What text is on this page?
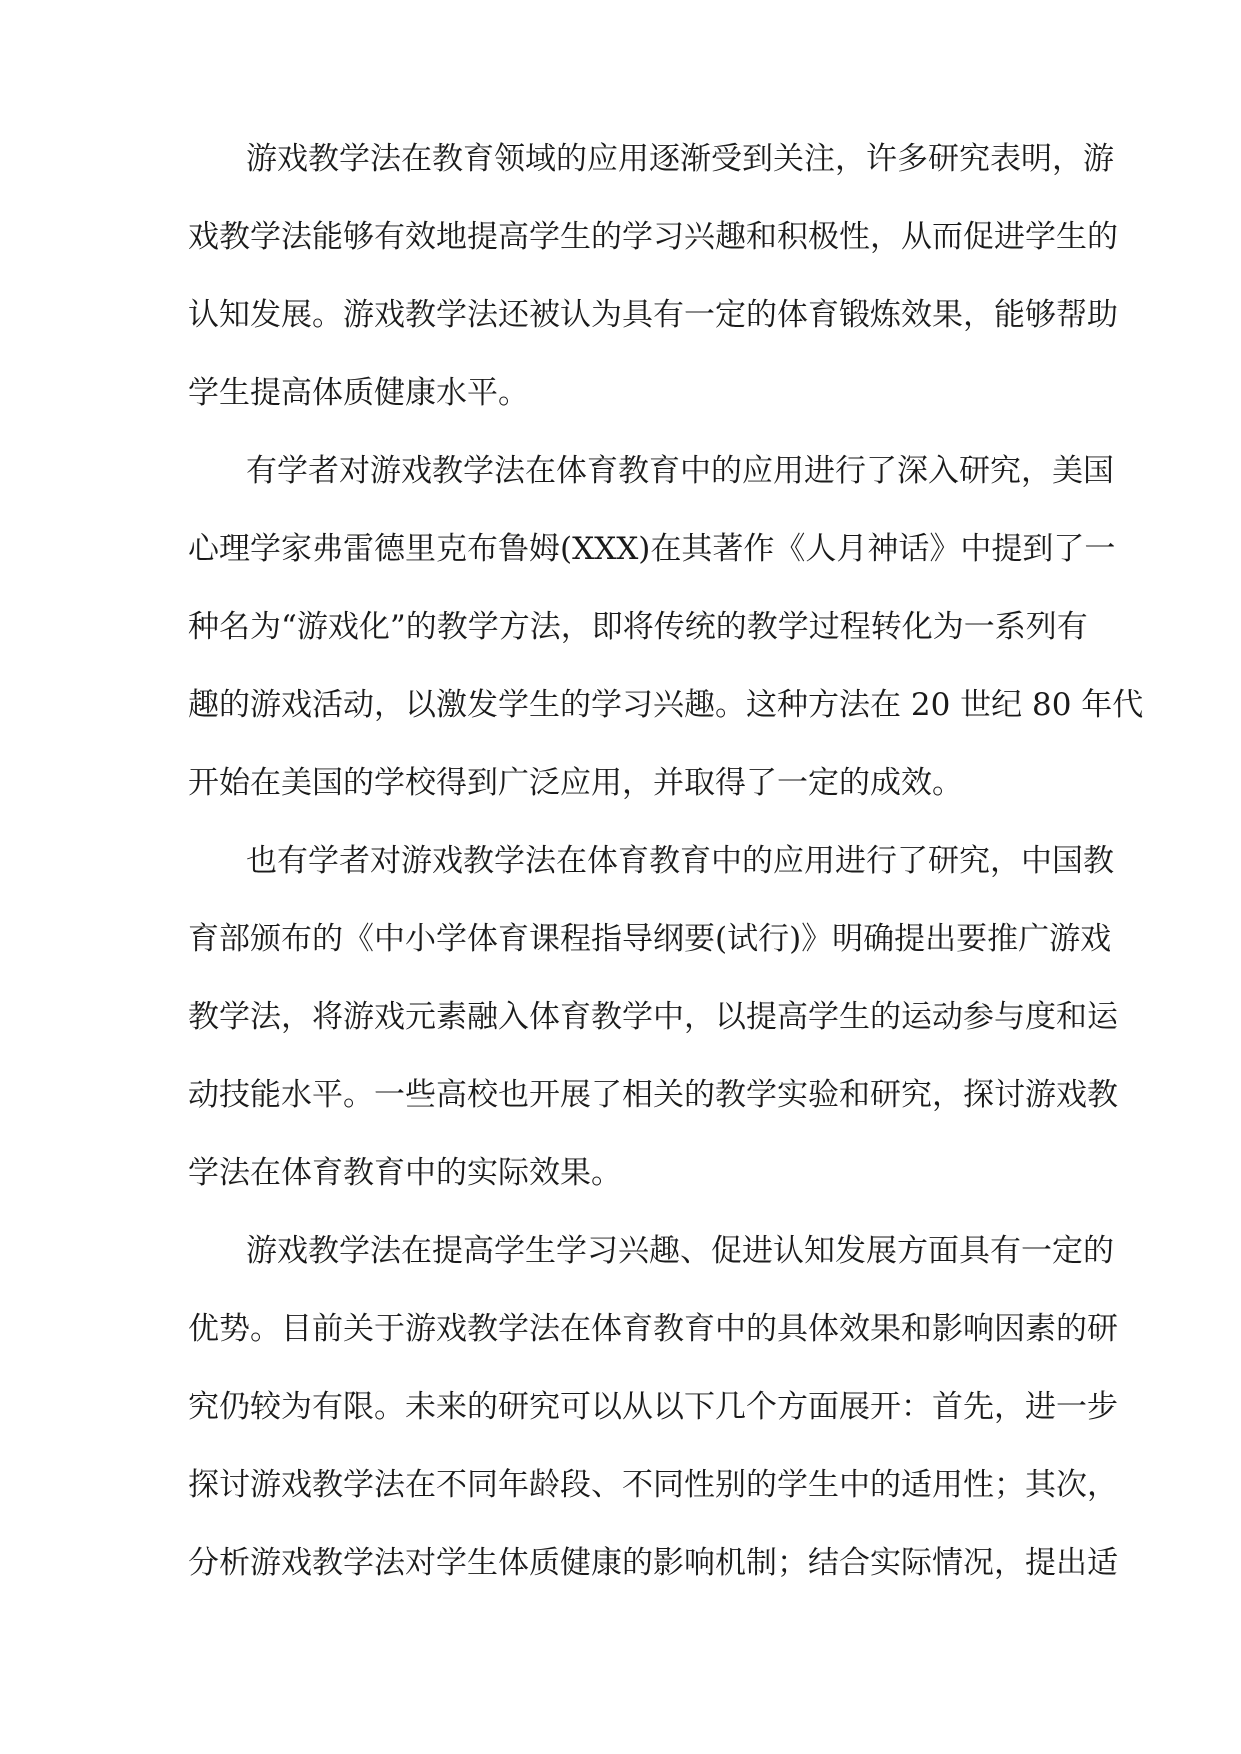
游戏教学法在教育领域的应用逐渐受到关注，许多研究表明，游
戏教学法能够有效地提高学生的学习兴趣和积极性，从而促进学生的
认知发展。游戏教学法还被认为具有一定的体育锻炼效果，能够帮助
学生提高体质健康水平。
有学者对游戏教学法在体育教育中的应用进行了深入研究，美国
心理学家弗雷德里克布鲁姆(XXX)在其著作《人月神话》中提到了一
种名为“游戏化”的教学方法，即将传统的教学过程转化为一系列有
趣的游戏活动，以激发学生的学习兴趣。这种方法在 20 世纪 80 年代
开始在美国的学校得到广泛应用，并取得了一定的成效。
也有学者对游戏教学法在体育教育中的应用进行了研究，中国教
育部颁布的《中小学体育课程指导纲要(试行)》明确提出要推广游戏
教学法，将游戏元素融入体育教学中，以提高学生的运动参与度和运
动技能水平。一些高校也开展了相关的教学实验和研究，探讨游戏教
学法在体育教育中的实际效果。
游戏教学法在提高学生学习兴趣、促进认知发展方面具有一定的
优势。目前关于游戏教学法在体育教育中的具体效果和影响因素的研
究仍较为有限。未来的研究可以从以下几个方面展开：首先，进一步
探讨游戏教学法在不同年龄段、不同性别的学生中的适用性；其次，
分析游戏教学法对学生体质健康的影响机制；结合实际情况，提出适
